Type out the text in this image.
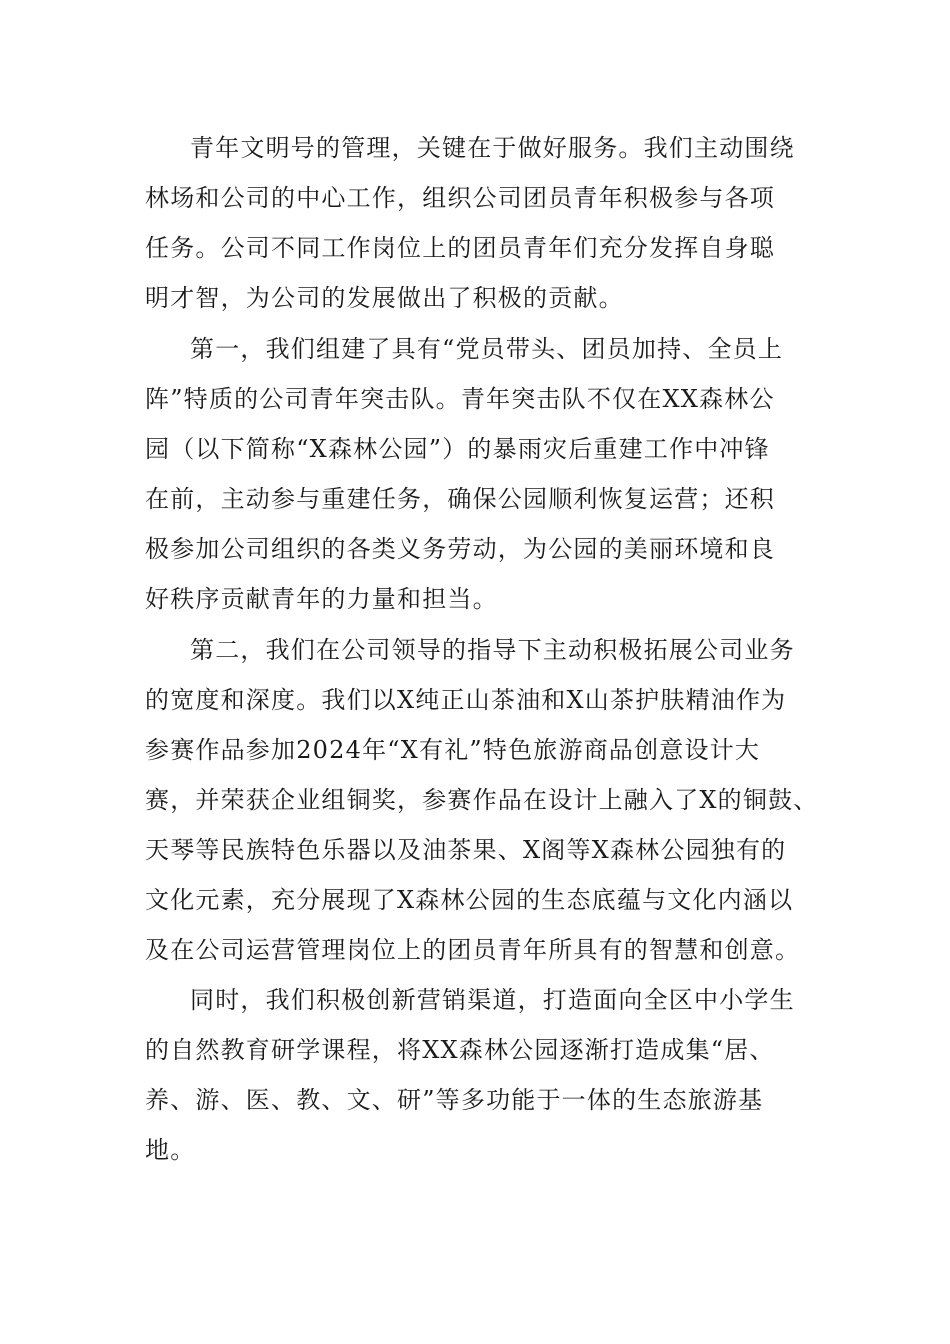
青年文明号的管理，关键在于做好服务。我们主动围绕
林场和公司的中心工作，组织公司团员青年积极参与各项
任务。公司不同工作岗位上的团员青年们充分发挥自身聪
明才智，为公司的发展做出了积极的贡献。
第一，我们组建了具有“党员带头、团员加持、全员上
阵”特质的公司青年突击队。青年突击队不仅在XX森林公
园（以下简称“X森林公园”）的暴雨灾后重建工作中冲锋
在前，主动参与重建任务，确保公园顺利恢复运营；还积
极参加公司组织的各类义务劳动，为公园的美丽环境和良
好秩序贡献青年的力量和担当。
第二，我们在公司领导的指导下主动积极拓展公司业务
的宽度和深度。我们以X纯正山茶油和X山茶护肤精油作为
参赛作品参加2024年“X有礼”特色旅游商品创意设计大
赛，并荣获企业组铜奖，参赛作品在设计上融入了X的铜鼓、
天琴等民族特色乐器以及油茶果、X阁等X森林公园独有的
文化元素，充分展现了X森林公园的生态底蕴与文化内涵以
及在公司运营管理岗位上的团员青年所具有的智慧和创意。
同时，我们积极创新营销渠道，打造面向全区中小学生
的自然教育研学课程，将XX森林公园逐渐打造成集“居、
养、游、医、教、文、研”等多功能于一体的生态旅游基
地。
